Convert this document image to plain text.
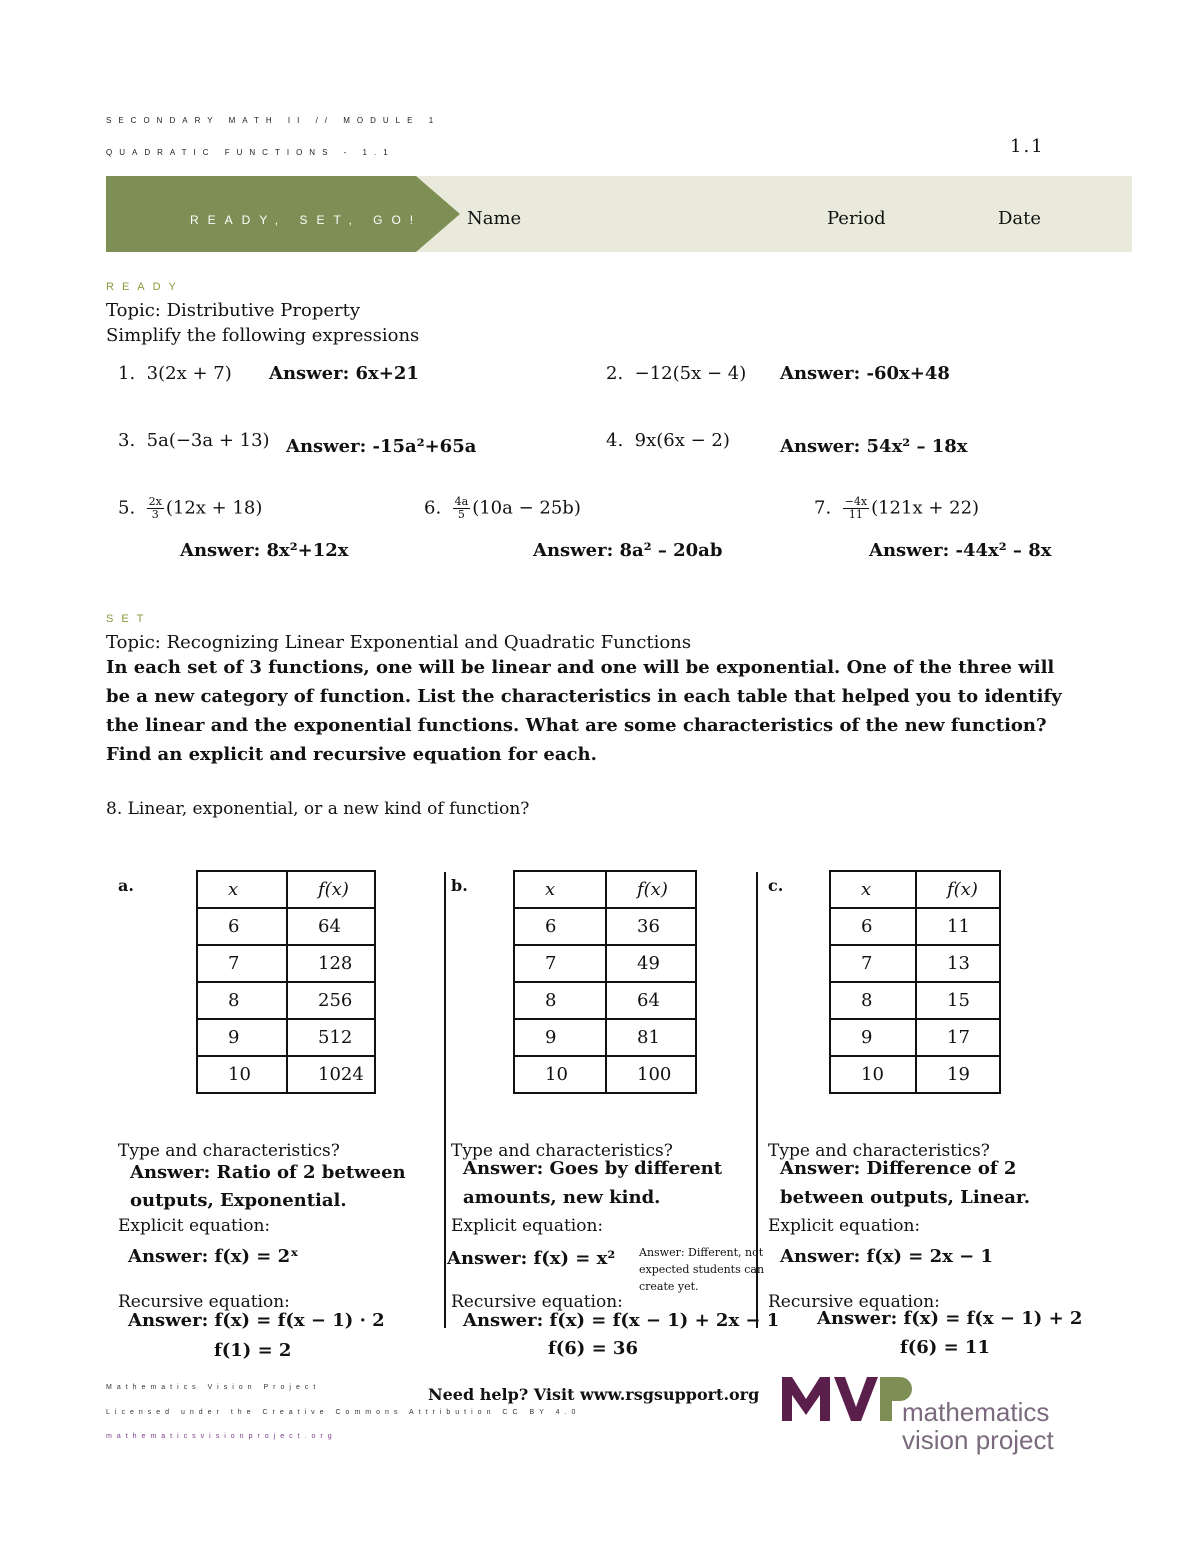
SECONDARY MATH II // MODULE 1
QUADRATIC FUNCTIONS - 1.1	1.1
READY, SET, GO! Name	Period	Date
READY
Topic: Distributive Property
Simplify the following expressions
1. 3(2x + 7) Answer: 6x+21	2. −12(5x − 4) Answer: -60x+48
3. 5a(−3a + 13) Answer: -15a²+65a	4. 9x(6x − 2)	Answer: 54x² – 18x
5. $\frac{2x}{3} (12x + 18)$
Answer: 8x²+12x
6. $\frac{4a}{5} (10a - 25b)$
Answer: 8a² – 20ab
7. $\frac{-4x}{11} (121x + 22)$
Answer: -44x² – 8x
SET
Topic: Recognizing Linear Exponential and Quadratic Functions
In each set of 3 functions, one will be linear and one will be exponential. One of the three will be a new category of function. List the characteristics in each table that helped you to identify the linear and the exponential functions. What are some characteristics of the new function? Find an explicit and recursive equation for each.
8. Linear, exponential, or a new kind of function?
a.	x	f(x)
6	64
7	128
8	256
9	512
10	1024
Type and characteristics?
Answer: Ratio of 2 between
outputs, Exponential.
Explicit equation:
Answer: f(x) = 2ˣ
Recursive equation:
Answer: f(x) = f(x − 1) · 2
f(1) = 2
b.	x	f(x)
6	36
7	49
8	64
9	81
10	100
Type and characteristics?
Answer: Goes by different
amounts, new kind.
Explicit equation:
Answer: f(x) = x² Answer: Different, not expected students can create yet.
Recursive equation:
Answer: f(x) = f(x − 1) + 2x − 1
f(6) = 36
c.	x	f(x)
6	11
7	13
8	15
9	17
10	19
Type and characteristics?
Answer: Difference of 2
between outputs, Linear.
Explicit equation:
Answer: f(x) = 2x − 1
Recursive equation:
Answer: f(x) = f(x − 1) + 2
f(6) = 11
Mathematics Vision Project
Licensed under the Creative Commons Attribution CC BY 4.0
mathematicsvisionproject.org
Need help? Visit www.rsgsupport.org
mathematics
vision project
